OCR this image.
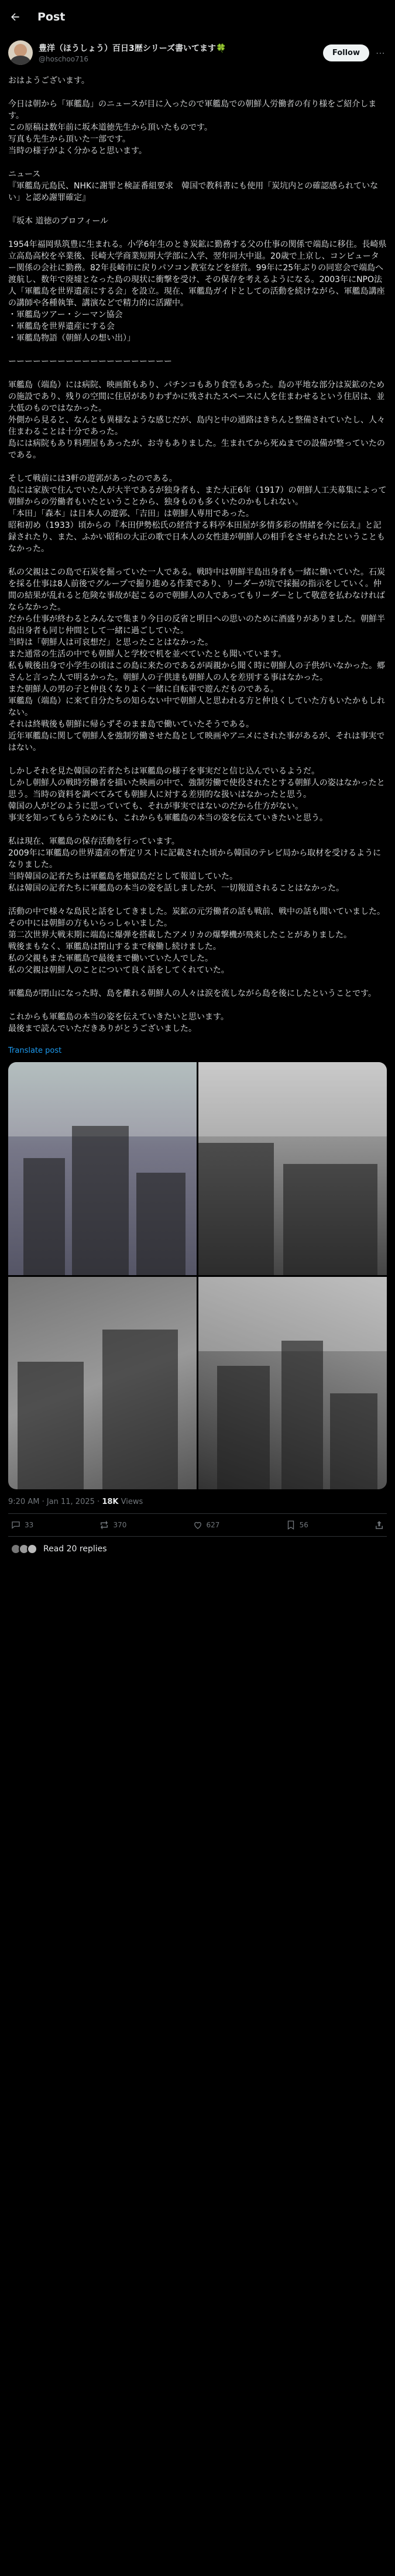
Post
豊洋（ほうしょう）百日3歴シリーズ書いてます🍀
@hoschoo716
Follow	⋯
おはようございます。
今日は朝から「軍艦島」のニュースが目に入ったので軍艦島での朝鮮人労働者の有り様をご紹介します。
この原稿は数年前に坂本道徳先生から頂いたものです。
写真も先生から頂いた一部です。
当時の様子がよく分かると思います。
ニュース
『軍艦島元島民、NHKに謝罪と検証番組要求　韓国で教科書にも使用「炭坑内との確認感られていない」と認め謝罪確定』
『坂本 道徳のプロフィール
1954年福岡県筑豊に生まれる。小学6年生のとき炭鉱に勤務する父の仕事の関係で端島に移住。長崎県立高島高校を卒業後、長崎大学商業短期大学部に入学、翌年同大中退。20歳で上京し、コンピューター関係の会社に勤務。82年長崎市に戻りパソコン教室などを経営。99年に25年ぶりの同窓会で端島へ渡航し、数年で廃墟となった島の現状に衝撃を受け、その保存を考えるようになる。2003年にNPO法人「軍艦島を世界遺産にする会」を設立。現在、軍艦島ガイドとしての活動を続けながら、軍艦島講座の講師や各種執筆、講演などで精力的に活躍中。
・軍艦島ツアー・シーマン協会
・軍艦島を世界遺産にする会
・軍艦島物語（朝鮮人の想い出）」
ーーーーーーーーーーーーーーーーーーーー
軍艦島（端島）には病院、映画館もあり、パチンコもあり食堂もあった。島の平地な部分は炭鉱のための施設であり、残りの空間に住居がありわずかに残されたスペースに人を住まわせるという住居は、並大低のものではなかった。
外側から見ると、なんとも異様なような感じだが、島内と中の通路はきちんと整備されていたし、人々住まわることは十分であった。
島には病院もあり料理屋もあったが、お寺もありました。生まれてから死ぬまでの設備が整っていたのである。
そして戦前には3軒の遊郭があったのである。
島には家族で住んでいた人が大半であるが独身者も、また大正6年（1917）の朝鮮人工夫募集によって朝鮮からの労働者もいたということから、独身ものも多くいたのかもしれない。
「本田」「森本」は日本人の遊郭、「吉田」は朝鮮人専用であった。
昭和初め（1933）頃からの『本田伊勢松氏の経営する料亭本田屋が多情多彩の情緒を今に伝え』と記録されたり、また、ふかい昭和の大正の歌で日本人の女性達が朝鮮人の相手をさせられたということもなかった。

私の父親はこの島で石炭を掘っていた一人である。戦時中は朝鮮半島出身者も一緒に働いていた。石炭を採る仕事は8人前後でグループで掘り進める作業であり、リーダーが坑で採掘の指示をしていく。仲間の結果が乱れると危険な事故が起こるので朝鮮人の人であってもリーダーとして敬意を払わなければならなかった。
だから仕事が終わるとみんなで集まり今日の反省と明日への思いのために酒盛りがありました。朝鮮半島出身者も同じ仲間として一緒に過ごしていた。
当時は「朝鮮人は可哀想だ」と思ったことはなかった。
また通常の生活の中でも朝鮮人と学校で机を並べていたとも聞いています。
私も戦後出身で小学生の頃はこの島に来たのであるが両親から聞く時に朝鮮人の子供がいなかった。郷さんと言った人で明るかった。朝鮮人の子供達も朝鮮人の人を差別する事はなかった。
また朝鮮人の男の子と仲良くなりよく一緒に自転車で遊んだものである。
軍艦島（端島）に来て自分たちの知らない中で朝鮮人と思われる方と仲良くしていた方もいたかもしれない。
それは終戦後も朝鮮に帰らずそのまま島で働いていたそうである。
近年軍艦島に関して朝鮮人を強制労働させた島として映画やアニメにされた事があるが、それは事実ではない。
しかしそれを見た韓国の若者たちは軍艦島の様子を事実だと信じ込んでいるようだ。
しかし朝鮮人の戦時労働者を描いた映画の中で、強制労働で使役されたとする朝鮮人の姿はなかったと思う。当時の資料を調べてみても朝鮮人に対する差別的な扱いはなかったと思う。
韓国の人がどのように思っていても、それが事実ではないのだから仕方がない。
事実を知ってもらうためにも、これからも軍艦島の本当の姿を伝えていきたいと思う。
私は現在、軍艦島の保存活動を行っています。
2009年に軍艦島の世界遺産の暫定リストに記載された頃から韓国のテレビ局から取材を受けるようになりました。
当時韓国の記者たちは軍艦島を地獄島だとして報道していた。
私は韓国の記者たちに軍艦島の本当の姿を話しましたが、一切報道されることはなかった。
活動の中で様々な島民と話をしてきました。炭鉱の元労働者の話も戦前、戦中の話も聞いていました。その中には朝鮮の方もいらっしゃいました。
第二次世界大戦末期に端島に爆弾を搭載したアメリカの爆撃機が飛来したことがありました。
戦後まもなく、軍艦島は閉山するまで稼働し続けました。
私の父親もまた軍艦島で最後まで働いていた人でした。
私の父親は朝鮮人のことについて良く話をしてくれていた。

軍艦島が閉山になった時、島を離れる朝鮮人の人々は涙を流しながら島を後にしたということです。
これからも軍艦島の本当の姿を伝えていきたいと思います。
最後まで読んでいただきありがとうございました。
Translate post
9:20 AM · Jan 11, 2025 · 18K Views
33	370	627	56
Read 20 replies
